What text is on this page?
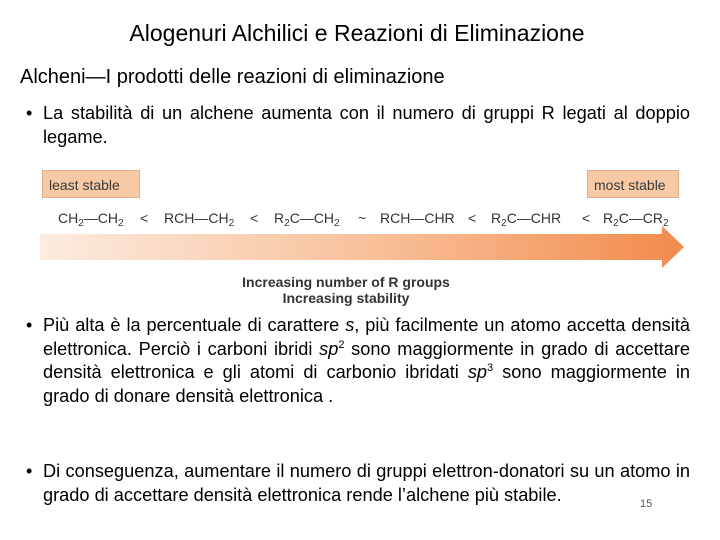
Alogenuri Alchilici e Reazioni di Eliminazione
Alcheni—I prodotti delle reazioni di eliminazione
• La stabilità di un alchene aumenta con il numero di gruppi R legati al doppio legame.
least stable	most stable
$CH_2—CH_2$	$RCH—CH_2$	$R_2C—CH_2$	RCH—CHR	$R_2C—CHR$	$R_2C—CR_2$
<	<	~	<	<
Increasing number of R groups
Increasing stability
• Più alta è la percentuale di carattere s, più facilmente un atomo accetta densità elettronica. Perciò i carboni ibridi $sp^2$ sono maggiormente in grado di accettare densità elettronica e gli atomi di carbonio ibridati $sp^3$ sono maggiormente in grado di donare densità elettronica .
• Di conseguenza, aumentare il numero di gruppi elettron-donatori su un atomo in grado di accettare densità elettronica rende l’alchene più stabile.	15
